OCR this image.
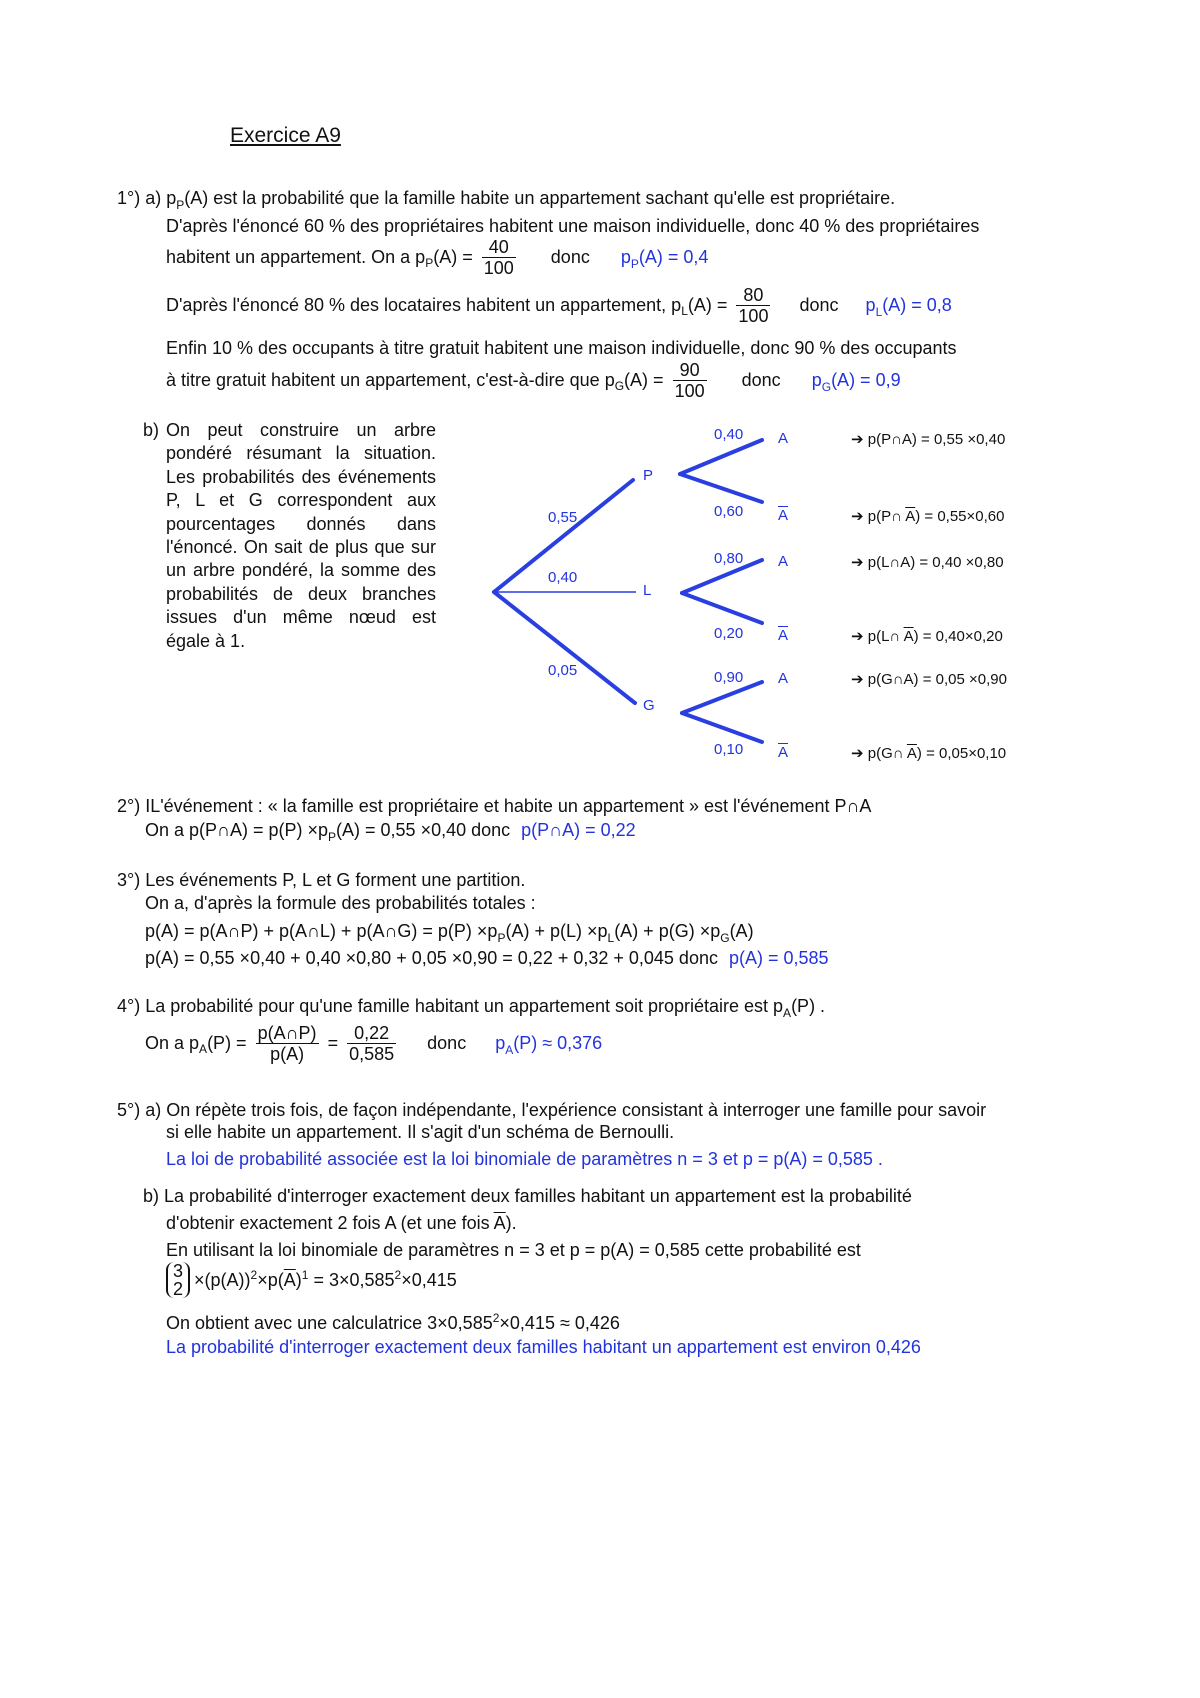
Exercice A9
1°) a) $p_P(A)$ est la probabilité que la famille habite un appartement sachant qu'elle est propriétaire.
D'après l'énoncé 60 % des propriétaires habitent une maison individuelle, donc 40 % des propriétaires
habitent un appartement. On a $p_P(A) = \frac{40}{100}$ donc $p_P(A) = 0,4$
D'après l'énoncé 80 % des locataires habitent un appartement, $p_L(A) = \frac{80}{100}$ donc $p_L(A) = 0,8$
Enfin 10 % des occupants à titre gratuit habitent une maison individuelle, donc 90 % des occupants
à titre gratuit habitent un appartement, c'est-à-dire que $p_G(A) = \frac{90}{100}$ donc $p_G(A) = 0,9$
b) On peut construire un arbre pondéré résumant la situation. Les probabilités des événements P, L et G correspondent aux pourcentages donnés dans l'énoncé. On sait de plus que sur un arbre pondéré, la somme des probabilités de deux branches issues d'un même nœud est égale à 1.
P
L
G
0,55
0,40
0,05
0,40 A	➔ p(P∩A) = 0,55 ×0,40
0,60 $\overline{A}$	➔ p(P∩ $\overline{A}) = 0,55\times 0,60$
0,80 A	➔ p(L∩A) = 0,40 ×0,80
0,20 $\overline{A}$	➔ p(L∩ $\overline{A}) = 0,40\times 0,20$
0,90 A	➔ p(G∩A) = 0,05 ×0,90
0,10 $\overline{A}$	➔ p(G∩ $\overline{A}) = 0,05\times 0,10$
2°) IL'événement : « la famille est propriétaire et habite un appartement » est l'événement P∩A
On a p(P∩A) = $p(P) \times p_P(A) = 0,55 \times 0,40$ donc p(P∩A) = 0,22
3°) Les événements P, L et G forment une partition.
On a, d'après la formule des probabilités totales :
p(A) = p(A∩P) + p(A∩L) + p(A∩G) = $p(P) \times p_P(A) + p(L) \times p_L(A) + p(G) \times p_G(A)$
p(A) = 0,55 ×0,40 + 0,40 ×0,80 + 0,05 ×0,90 = 0,22 + 0,32 + 0,045 donc p(A) = 0,585
4°) La probabilité pour qu'une famille habitant un appartement soit propriétaire est $p_A(P)$ .
On a $p_A(P) = \frac{p(A\cap P)}{p(A)} = \frac{0,22}{0,585}$ donc $p_A(P) \approx 0,376$
5°) a) On répète trois fois, de façon indépendante, l'expérience consistant à interroger une famille pour savoir
si elle habite un appartement. Il s'agit d'un schéma de Bernoulli.
La loi de probabilité associée est la loi binomiale de paramètres n = 3 et p = p(A) = 0,585 .
b) La probabilité d'interroger exactement deux familles habitant un appartement est la probabilité
d'obtenir exactement 2 fois A (et une fois $\overline{A}$).
En utilisant la loi binomiale de paramètres n = 3 et p = p(A) = 0,585 cette probabilité est
3
$2 \times(p(A))^2\times p(\overline{A})^1 = 3\times 0,585^2\times 0,415$
On obtient avec une calculatrice $3\times 0,585^2\times 0,415 \approx 0,426$
La probabilité d'interroger exactement deux familles habitant un appartement est environ 0,426
